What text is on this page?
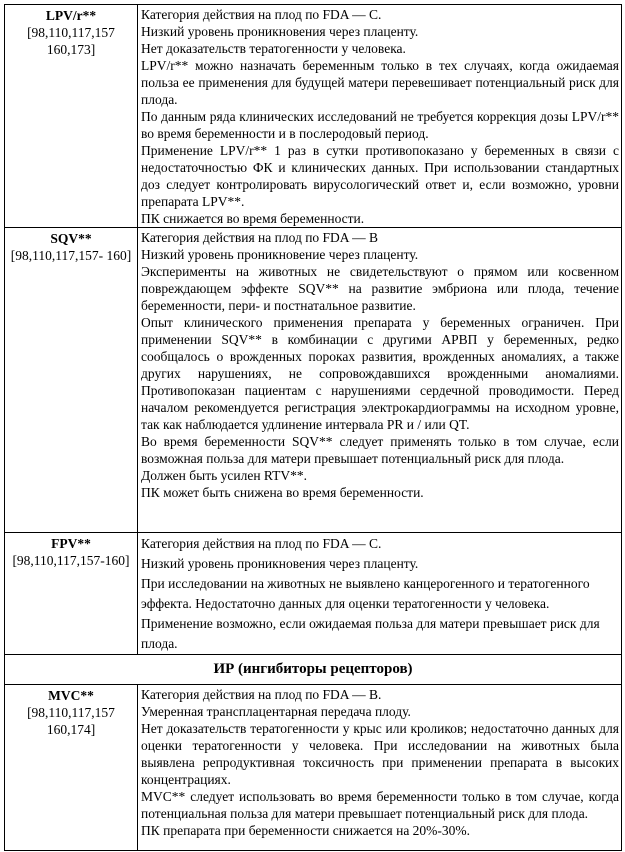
LPV/r**
[98,110,117,157
160,173]

Категория действия на плод по FDA — C.
Низкий уровень проникновения через плаценту.
Нет доказательств тератогенности у человека.
LPV/r** можно назначать беременным только в тех случаях, когда ожидаемая польза ее применения для будущей матери перевешивает потенциальный риск для плода.
По данным ряда клинических исследований не требуется коррекция дозы LPV/r** во время беременности и в послеродовый период.
Применение LPV/r** 1 раз в сутки противопоказано у беременных в связи с недостаточностью ФК и клинических данных. При использовании стандартных доз следует контролировать вирусологический ответ и, если возможно, уровни препарата LPV**.
ПК снижается во время беременности.

SQV**
[98,110,117,157- 160]

Категория действия на плод по FDA — B
Низкий уровень проникновение через плаценту.
Эксперименты на животных не свидетельствуют о прямом или косвенном повреждающем эффекте SQV** на развитие эмбриона или плода, течение беременности, пери- и постнатальное развитие.
Опыт клинического применения препарата у беременных ограничен. При применении SQV** в комбинации с другими АРВП у беременных, редко сообщалось о врожденных пороках развития, врожденных аномалиях, а также других нарушениях, не сопровождавшихся врожденными аномалиями. Противопоказан пациентам с нарушениями сердечной проводимости. Перед началом рекомендуется регистрация электрокардиограммы на исходном уровне, так как наблюдается удлинение интервала PR и / или QT.
Во время беременности SQV** следует применять только в том случае, если возможная польза для матери превышает потенциальный риск для плода.
Должен быть усилен RTV**.
ПК может быть снижена во время беременности.

FPV**
[98,110,117,157-160]

Категория действия на плод по FDA — C.
Низкий уровень проникновения через плаценту.
При исследовании на животных не выявлено канцерогенного и тератогенного эффекта. Недостаточно данных для оценки тератогенности у человека. Применение возможно, если ожидаемая польза для матери превышает риск для плода.

ИР (ингибиторы рецепторов)	

MVC**
[98,110,117,157
160,174]

Категория действия на плод по FDA — B.
Умеренная трансплацентарная передача плоду.
Нет доказательств тератогенности у крыс или кроликов; недостаточно данных для оценки тератогенности у человека. При исследовании на животных была выявлена репродуктивная токсичность при применении препарата в высоких концентрациях.
MVC** следует использовать во время беременности только в том случае, когда потенциальная польза для матери превышает потенциальный риск для плода.
ПК препарата при беременности снижается на 20%-30%.
